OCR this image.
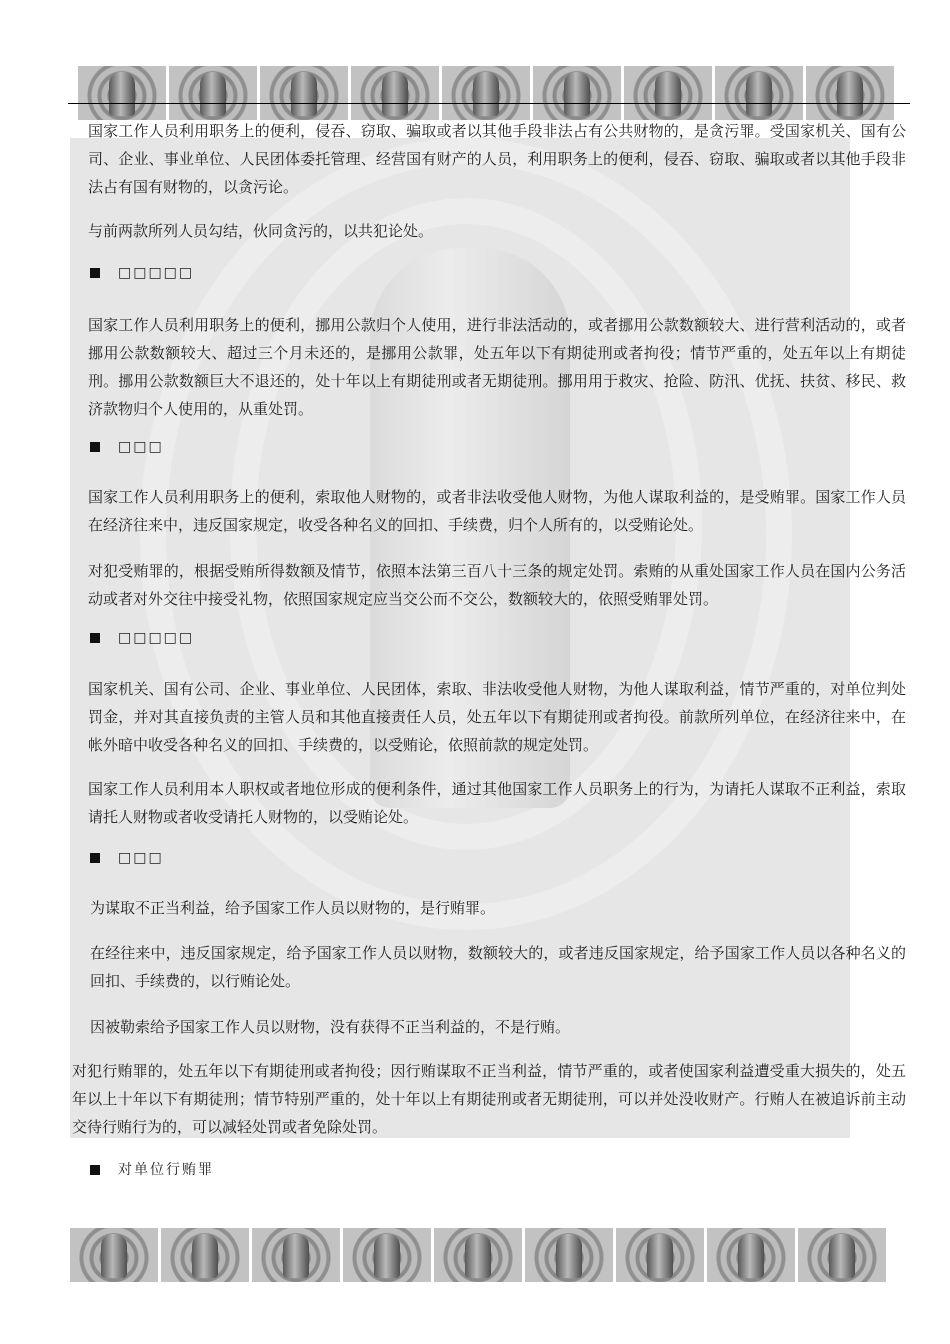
国家工作人员利用职务上的便利，侵吞、窃取、骗取或者以其他手段非法占有公共财物的，是贪污罪。受国家机关、国有公司、企业、事业单位、人民团体委托管理、经营国有财产的人员，利用职务上的便利，侵吞、窃取、骗取或者以其他手段非法占有国有财物的，以贪污论。

与前两款所列人员勾结，伙同贪污的，以共犯论处。

□□□□□

国家工作人员利用职务上的便利，挪用公款归个人使用，进行非法活动的，或者挪用公款数额较大、进行营利活动的，或者挪用公款数额较大、超过三个月未还的，是挪用公款罪，处五年以下有期徒刑或者拘役；情节严重的，处五年以上有期徒刑。挪用公款数额巨大不退还的，处十年以上有期徒刑或者无期徒刑。挪用用于救灾、抢险、防汛、优抚、扶贫、移民、救济款物归个人使用的，从重处罚。

□□□

国家工作人员利用职务上的便利，索取他人财物的，或者非法收受他人财物，为他人谋取利益的，是受贿罪。国家工作人员在经济往来中，违反国家规定，收受各种名义的回扣、手续费，归个人所有的，以受贿论处。

对犯受贿罪的，根据受贿所得数额及情节，依照本法第三百八十三条的规定处罚。索贿的从重处国家工作人员在国内公务活动或者对外交往中接受礼物，依照国家规定应当交公而不交公，数额较大的，依照受贿罪处罚。

□□□□□

国家机关、国有公司、企业、事业单位、人民团体，索取、非法收受他人财物，为他人谋取利益，情节严重的，对单位判处罚金，并对其直接负责的主管人员和其他直接责任人员，处五年以下有期徒刑或者拘役。前款所列单位，在经济往来中，在帐外暗中收受各种名义的回扣、手续费的，以受贿论，依照前款的规定处罚。

国家工作人员利用本人职权或者地位形成的便利条件，通过其他国家工作人员职务上的行为，为请托人谋取不正利益，索取请托人财物或者收受请托人财物的，以受贿论处。

□□□

为谋取不正当利益，给予国家工作人员以财物的，是行贿罪。

在经往来中，违反国家规定，给予国家工作人员以财物，数额较大的，或者违反国家规定，给予国家工作人员以各种名义的回扣、手续费的，以行贿论处。

因被勒索给予国家工作人员以财物，没有获得不正当利益的，不是行贿。

对犯行贿罪的，处五年以下有期徒刑或者拘役；因行贿谋取不正当利益，情节严重的，或者使国家利益遭受重大损失的，处五年以上十年以下有期徒刑；情节特别严重的，处十年以上有期徒刑或者无期徒刑，可以并处没收财产。行贿人在被追诉前主动交待行贿行为的，可以减轻处罚或者免除处罚。

对单位行贿罪
